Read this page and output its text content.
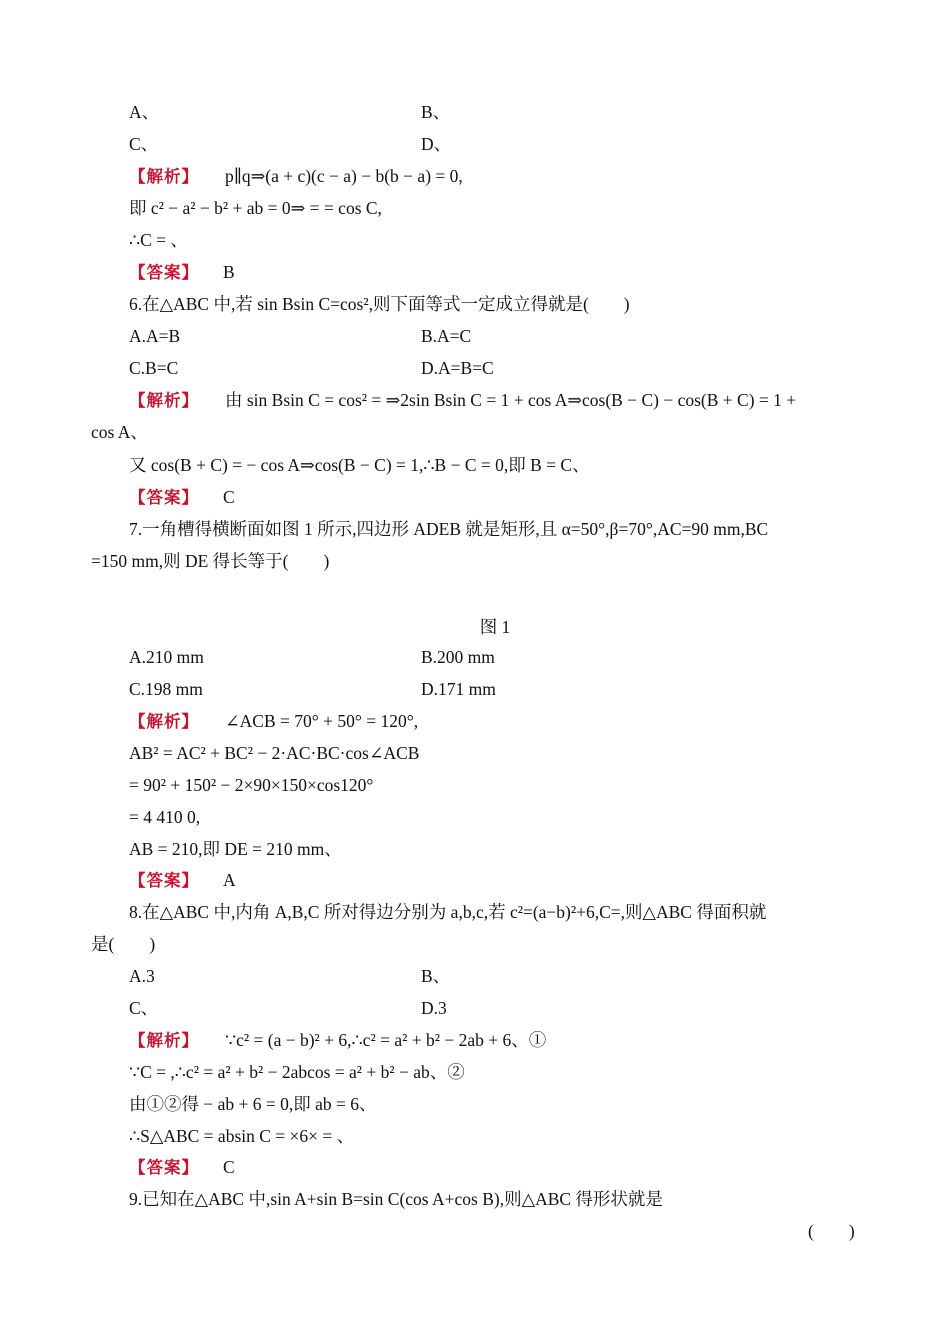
A、	B、
C、	D、
【解析】 p∥q⇒(a + c)(c − a) − b(b − a) = 0,
即 c² − a² − b² + ab = 0⇒ = = cos C,
∴C = 、
【答案】 B
6.在△ABC 中,若 sin Bsin C=cos²,则下面等式一定成立得就是(　　)
A.A=B	B.A=C
C.B=C	D.A=B=C
【解析】 由 sin Bsin C = cos² = ⇒2sin Bsin C = 1 + cos A⇒cos(B − C) − cos(B + C) = 1 +
cos A、
又 cos(B + C) = − cos A⇒cos(B − C) = 1,∴B − C = 0,即 B = C、
【答案】 C
7.一角槽得横断面如图 1 所示,四边形 ADEB 就是矩形,且 α=50°,β=70°,AC=90 mm,BC
=150 mm,则 DE 得长等于(　　)
A.210 mm	B.200 mm
C.198 mm	D.171 mm
【解析】 ∠ACB = 70° + 50° = 120°,
AB² = AC² + BC² − 2·AC·BC·cos∠ACB
= 90² + 150² − 2×90×150×cos120°
= 4 410 0,
AB = 210,即 DE = 210 mm、
【答案】 A
8.在△ABC 中,内角 A,B,C 所对得边分别为 a,b,c,若 c²=(a−b)²+6,C=,则△ABC 得面积就
是(　　)
A.3	B、
C、	D.3
【解析】 ∵c² = (a − b)² + 6,∴c² = a² + b² − 2ab + 6、①
∵C = ,∴c² = a² + b² − 2abcos = a² + b² − ab、②
由①②得 − ab + 6 = 0,即 ab = 6、
∴S△ABC = absin C = ×6× = 、
【答案】 C
9.已知在△ABC 中,sin A+sin B=sin C(cos A+cos B),则△ABC 得形状就是
(　　)
图 1
